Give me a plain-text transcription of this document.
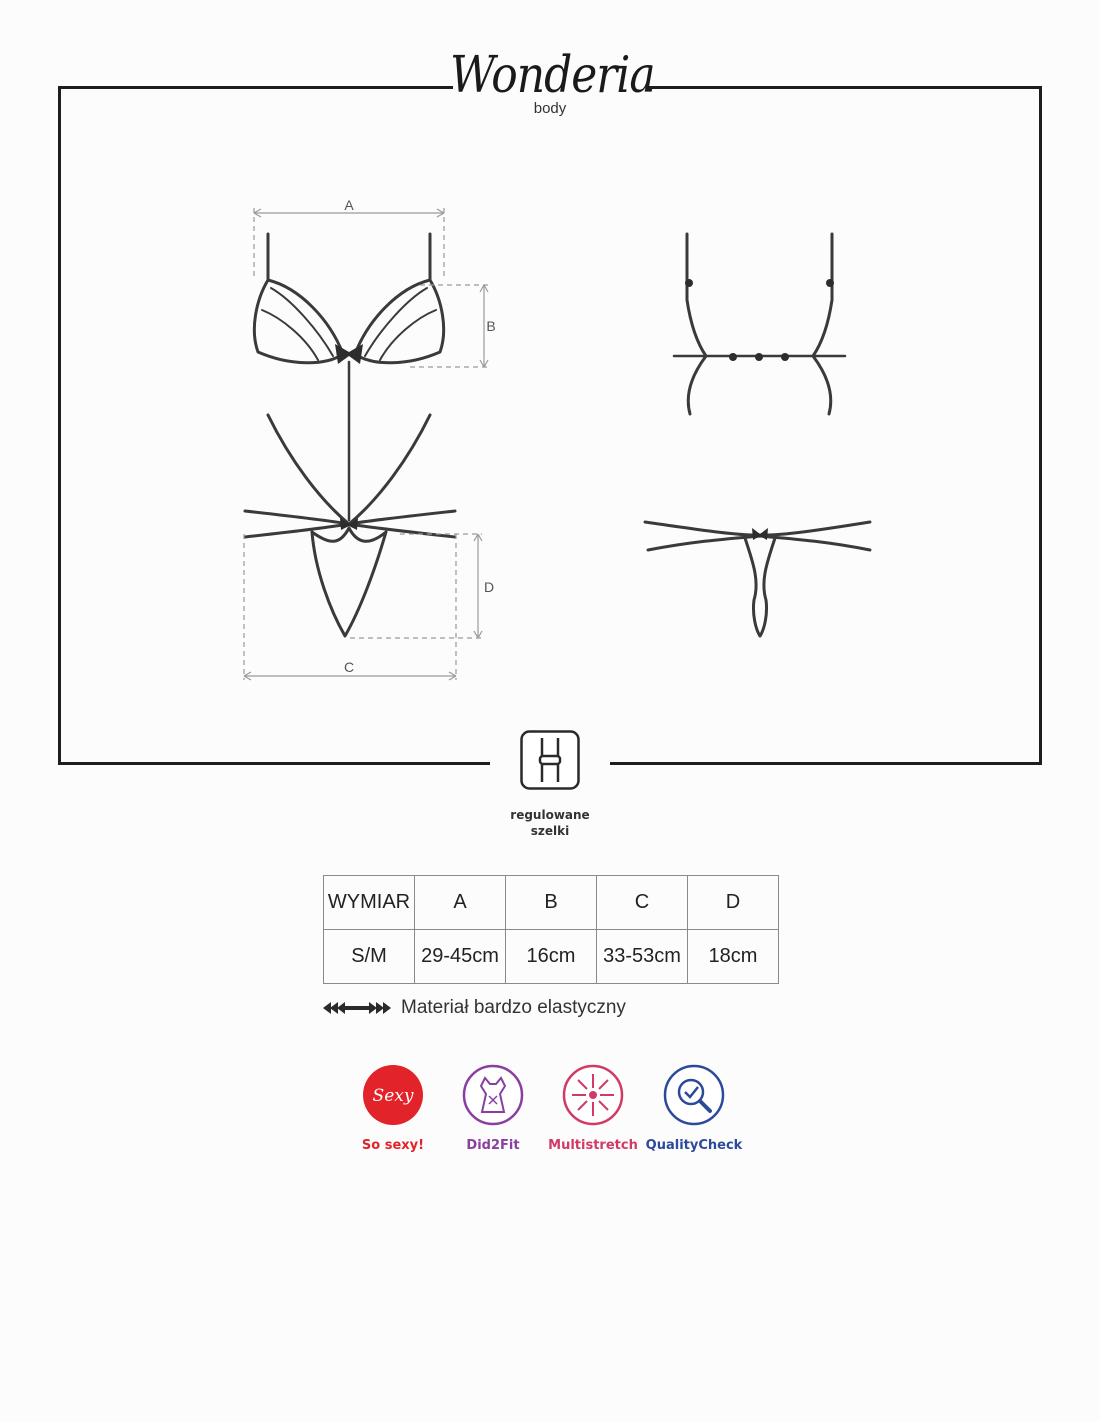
Wonderia
body
A
B
C
D
regulowane
szelki
WYMIAR	A	B	C	D
S/M	29-45cm	16cm	33-53cm	18cm
Materiał bardzo elastyczny
Sexy
So sexy!	Did2Fit	Multistretch QualityCheck
